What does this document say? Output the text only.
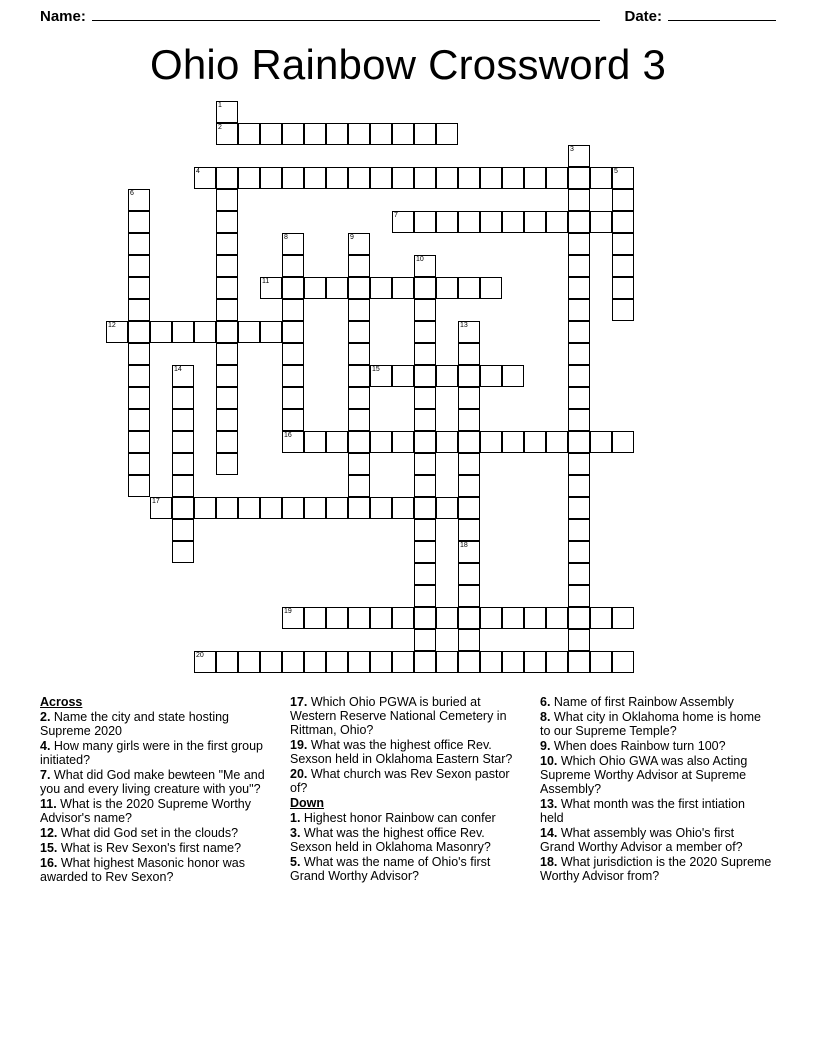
Name:	Date:
Ohio Rainbow Crossword 3
1
2
3
4	5
6
7
8	9
10
11
12	13
14	15
16
17
18
19
20
Across
2. Name the city and state hosting Supreme 2020
4. How many girls were in the first group initiated?
7. What did God make bewteen "Me and you and every living creature with you"?
11. What is the 2020 Supreme Worthy Advisor's name?
12. What did God set in the clouds?
15. What is Rev Sexon's first name?
16. What highest Masonic honor was awarded to Rev Sexon?
17. Which Ohio PGWA is buried at Western Reserve National Cemetery in Rittman, Ohio?
19. What was the highest office Rev. Sexson held in Oklahoma Eastern Star?
20. What church was Rev Sexon pastor of?
Down
1. Highest honor Rainbow can confer
3. What was the highest office Rev. Sexson held in Oklahoma Masonry?
5. What was the name of Ohio's first Grand Worthy Advisor?
6. Name of first Rainbow Assembly
8. What city in Oklahoma home is home to our Supreme Temple?
9. When does Rainbow turn 100?
10. Which Ohio GWA was also Acting Supreme Worthy Advisor at Supreme Assembly?
13. What month was the first intiation held
14. What assembly was Ohio's first Grand Worthy Advisor a member of?
18. What jurisdiction is the 2020 Supreme Worthy Advisor from?
